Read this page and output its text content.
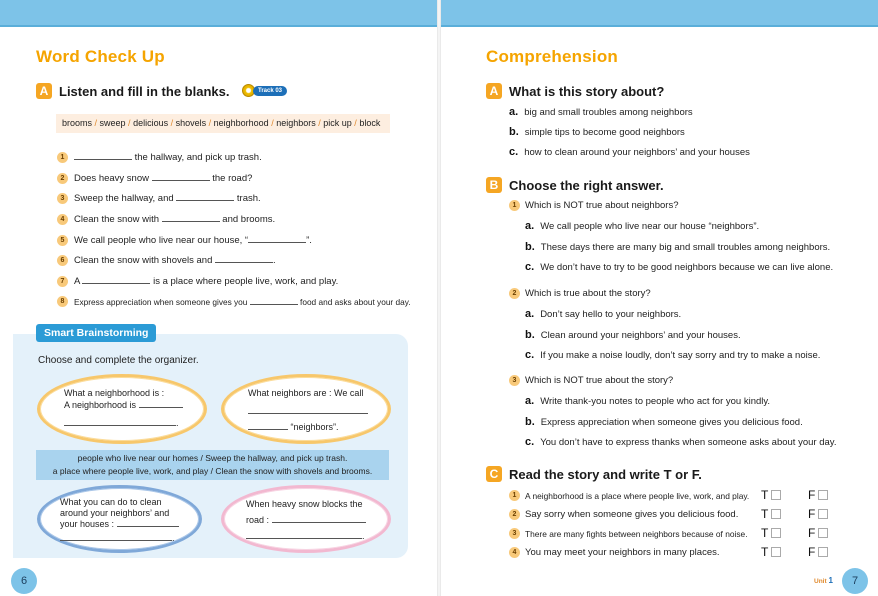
Word Check Up
A Listen and fill in the blanks.	Track 03
brooms / sweep / delicious / shovels / neighborhood / neighbors / pick up / block
1	the hallway, and pick up trash.
2	Does heavy snow	the road?
3	Sweep the hallway, and	trash.
4	Clean the snow with	and brooms.
5	We call people who live near our house, “	”.
6	Clean the snow with shovels and	.
7	A	is a place where people live, work, and play.
8	Express appreciation when someone gives you	food and asks about your day.
Smart Brainstorming
Choose and complete the organizer.
What a neighborhood is :
A neighborhood is
.
What neighbors are : We call
“neighbors”.
people who live near our homes / Sweep the hallway, and pick up trash.
a place where people live, work, and play / Clean the snow with shovels and brooms.
What you can do to clean
around your neighbors’ and
your houses :
.
When heavy snow blocks the
road :
.
6
Comprehension
A What is this story about?
a. big and small troubles among neighbors
b. simple tips to become good neighbors
c. how to clean around your neighbors’ and your houses
B Choose the right answer.
1 Which is NOT true about neighbors?
a. We call people who live near our house “neighbors”.
b. These days there are many big and small troubles among neighbors.
c. We don’t have to try to be good neighbors because we can live alone.
2 Which is true about the story?
a. Don’t say hello to your neighbors.
b. Clean around your neighbors’ and your houses.
c. If you make a noise loudly, don’t say sorry and try to make a noise.
3 Which is NOT true about the story?
a. Write thank-you notes to people who act for you kindly.
b. Express appreciation when someone gives you delicious food.
c. You don’t have to express thanks when someone asks about your day.
C Read the story and write T or F.
1	A neighborhood is a place where people live, work, and play. T	F
2 Say sorry when someone gives you delicious food. T	F
3	There are many fights between neighbors because of noise. T	F
4 You may meet your neighbors in many places.	T	F
Unit 1	7
